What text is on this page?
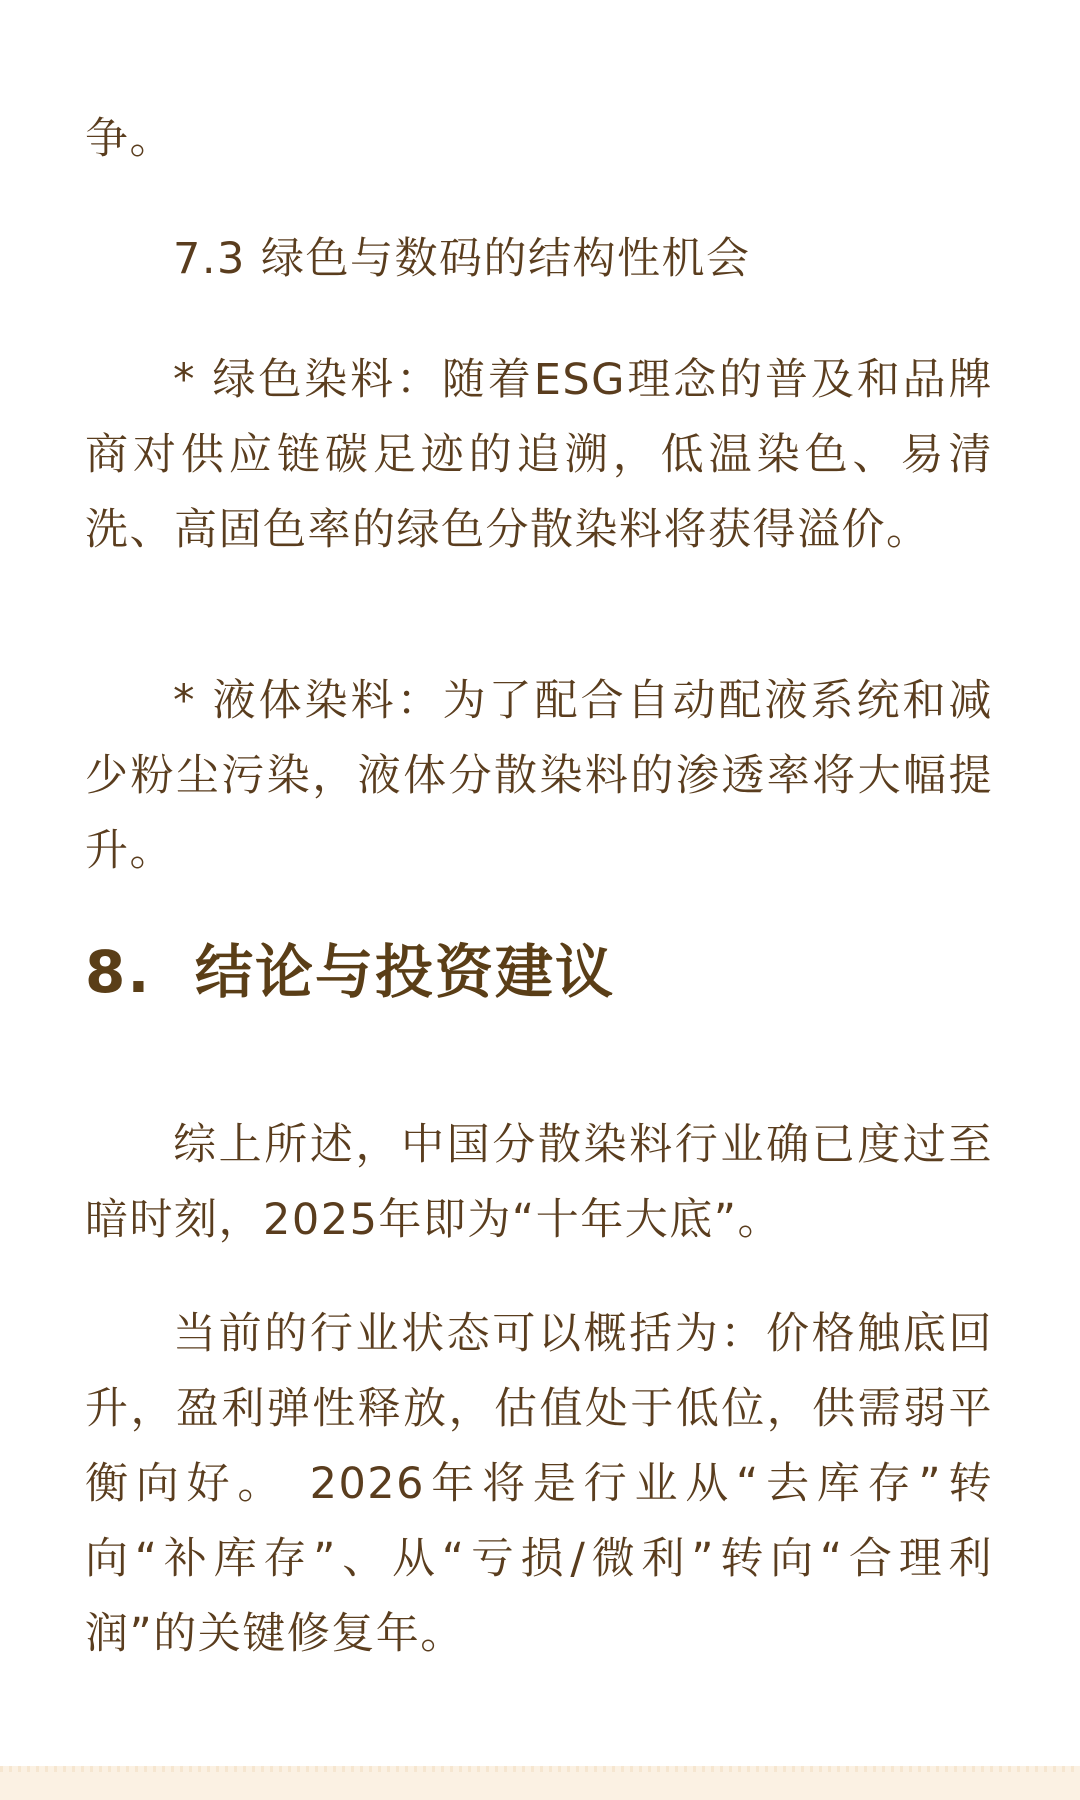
争。

7.3 绿色与数码的结构性机会

* 绿色染料：随着ESG理念的普及和品牌商对供应链碳足迹的追溯，低温染色、易清洗、高固色率的绿色分散染料将获得溢价。

* 液体染料：为了配合自动配液系统和减少粉尘污染，液体分散染料的渗透率将大幅提升。

8. 结论与投资建议

综上所述，中国分散染料行业确已度过至暗时刻，2025年即为“十年大底”。

当前的行业状态可以概括为：价格触底回升，盈利弹性释放，估值处于低位，供需弱平衡向好。 2026年将是行业从“去库存”转向“补库存”、从“亏损/微利”转向“合理利润”的关键修复年。
